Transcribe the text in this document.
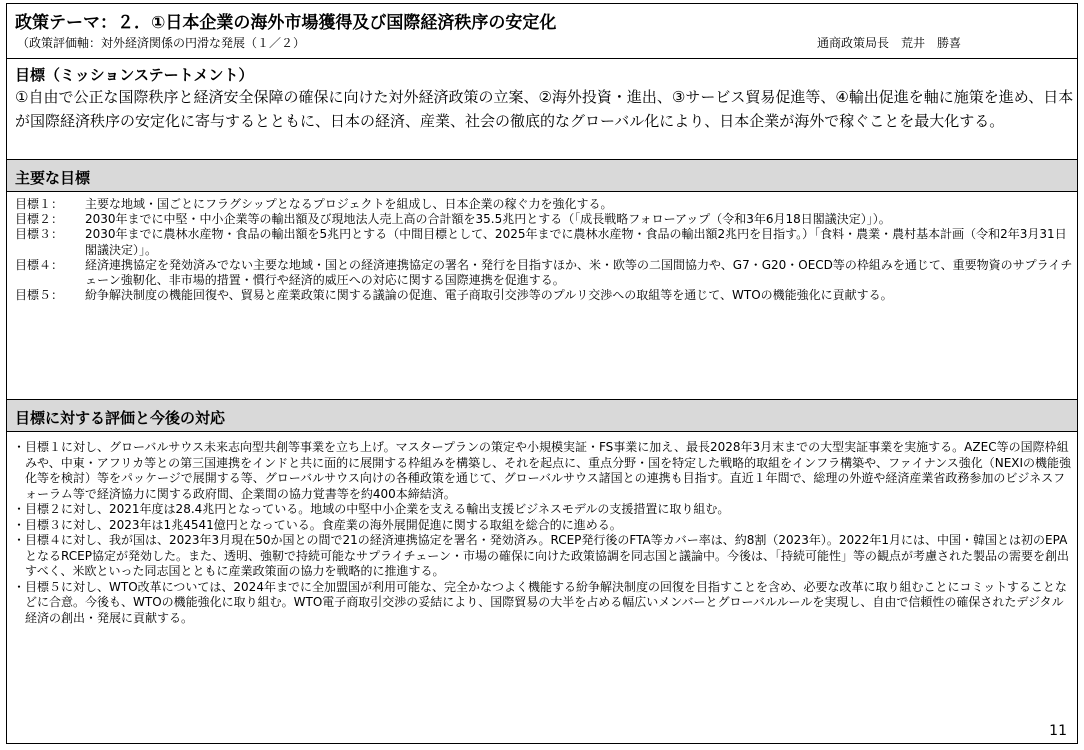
政策テーマ：２．①日本企業の海外市場獲得及び国際経済秩序の安定化
（政策評価軸：対外経済関係の円滑な発展（１／２）	通商政策局長　荒井　勝喜
目標（ミッションステートメント）
①自由で公正な国際秩序と経済安全保障の確保に向けた対外経済政策の立案、②海外投資・進出、③サービス貿易促進等、④輸出促進を軸に施策を進め、日本が国際経済秩序の安定化に寄与するとともに、日本の経済、産業、社会の徹底的なグローバル化により、日本企業が海外で稼ぐことを最大化する。
主要な目標
目標１：	主要な地域・国ごとにフラグシップとなるプロジェクトを組成し、日本企業の稼ぐ力を強化する。
目標２：	2030年までに中堅・中小企業等の輸出額及び現地法人売上高の合計額を35.5兆円とする（「成長戦略フォローアップ（令和3年6月18日閣議決定）」）。
目標３：	2030年までに農林水産物・食品の輸出額を5兆円とする（中間目標として、2025年までに農林水産物・食品の輸出額2兆円を目指す。）「食料・農業・農村基本計画（令和2年3月31日閣議決定）」。
目標４：	経済連携協定を発効済みでない主要な地域・国との経済連携協定の署名・発行を目指すほか、米・欧等の二国間協力や、G7・G20・OECD等の枠組みを通じて、重要物資のサプライチェーン強靭化、非市場的措置・慣行や経済的威圧への対応に関する国際連携を促進する。
目標５：	紛争解決制度の機能回復や、貿易と産業政策に関する議論の促進、電子商取引交渉等のプルリ交渉への取組等を通じて、WTOの機能強化に貢献する。
目標に対する評価と今後の対応
・ 目標１に対し、グローバルサウス未来志向型共創等事業を立ち上げ。マスタープランの策定や小規模実証・FS事業に加え、最長2028年3月末までの大型実証事業を実施する。AZEC等の国際枠組みや、中東・アフリカ等との第三国連携をインドと共に面的に展開する枠組みを構築し、それを起点に、重点分野・国を特定した戦略的取組をインフラ構築や、ファイナンス強化（NEXIの機能強化等を検討）等をパッケージで展開する等、グローバルサウス向けの各種政策を通じて、グローバルサウス諸国との連携も目指す。直近１年間で、総理の外遊や経済産業省政務参加のビジネスフォーラム等で経済協力に関する政府間、企業間の協力覚書等を約400本締結済。
・ 目標２に対し、2021年度は28.4兆円となっている。地域の中堅中小企業を支える輸出支援ビジネスモデルの支援措置に取り組む。
・ 目標３に対し、2023年は1兆4541億円となっている。食産業の海外展開促進に関する取組を総合的に進める。
・ 目標４に対し、我が国は、2023年3月現在50か国との間で21の経済連携協定を署名・発効済み。RCEP発行後のFTA等カバー率は、約8割（2023年）。2022年1月には、中国・韓国とは初のEPAとなるRCEP協定が発効した。また、透明、強靭で持続可能なサプライチェーン・市場の確保に向けた政策協調を同志国と議論中。今後は、「持続可能性」等の観点が考慮された製品の需要を創出すべく、米欧といった同志国とともに産業政策面の協力を戦略的に推進する。
・ 目標５に対し、WTO改革については、2024年までに全加盟国が利用可能な、完全かなつよく機能する紛争解決制度の回復を目指すことを含め、必要な改革に取り組むことにコミットすることなどに合意。今後も、WTOの機能強化に取り組む。WTO電子商取引交渉の妥結により、国際貿易の大半を占める幅広いメンバーとグローバルルールを実現し、自由で信頼性の確保されたデジタル経済の創出・発展に貢献する。
11
